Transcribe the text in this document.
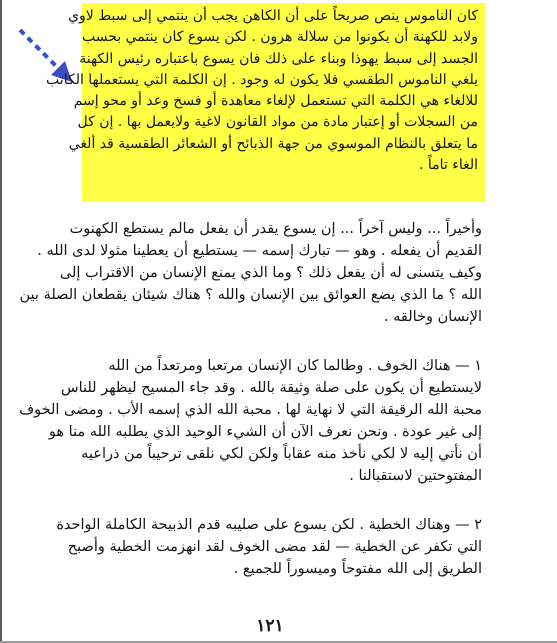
كان الناموس ينص صريحاً على أن الكاهن يجب أن ينتمي إلى سبط لاوي
ولابد للكهنة أن يكونوا من سلالة هرون . لكن يسوع كان ينتمي بحسب
الجسد إلى سبط يهوذا وبناء على ذلك فان يسوع باعتباره رئيس الكهنة
يلغي الناموس الطقسي فلا يكون له وجود . إن الكلمة التي يستعملها الكاتب
للالغاء هي الكلمة التي تستعمل لإلغاء معاهدة أو فسخ وعد أو محو إسم
من السجلات أو إعتبار مادة من مواد القانون لاغية ولايعمل بها . إن كل
ما يتعلق بالنظام الموسوي من جهة الذبائح أو الشعائر الطقسية قد ألغي
الغاء تاماً .
وأخيراً ... وليس آخراً ... إن يسوع يقدر أن يفعل مالم يستطع الكهنوت
القديم أن يفعله . وهو — تبارك إسمه — يستطيع أن يعطينا مثولا لدى الله .
وكيف يتسنى له أن يفعل ذلك ؟ وما الذي يمنع الإنسان من الاقتراب إلى
الله ؟ ما الذي يضع العوائق بين الإنسان والله ؟ هناك شيئان يقطعان الصلة بين
الإنسان وخالقه .
١ — هناك الخوف . وطالما كان الإنسان مرتعبا ومرتعداً من الله
لايستطيع أن يكون على صلة وثيقة بالله . وقد جاء المسيح ليظهر للناس
محبة الله الرقيقة التي لا نهاية لها . محبة الله الذي إسمه الأب . ومضى الخوف
إلى غير عودة . ونحن نعرف الآن أن الشيء الوحيد الذي يطلبه الله منا هو
أن نأتي إليه لا لكي نأخذ منه عقاباً ولكن لكي نلقى ترحيباً من ذراعيه
المفتوحتين لاستقبالنا .
٢ — وهناك الخطية . لكن يسوع على صليبه قدم الذبيحة الكاملة الواحدة
التي تكفر عن الخطية — لقد مضى الخوف لقد انهزمت الخطية وأصبح
الطريق إلى الله مفتوحاً وميسوراً للجميع .
١٢١
